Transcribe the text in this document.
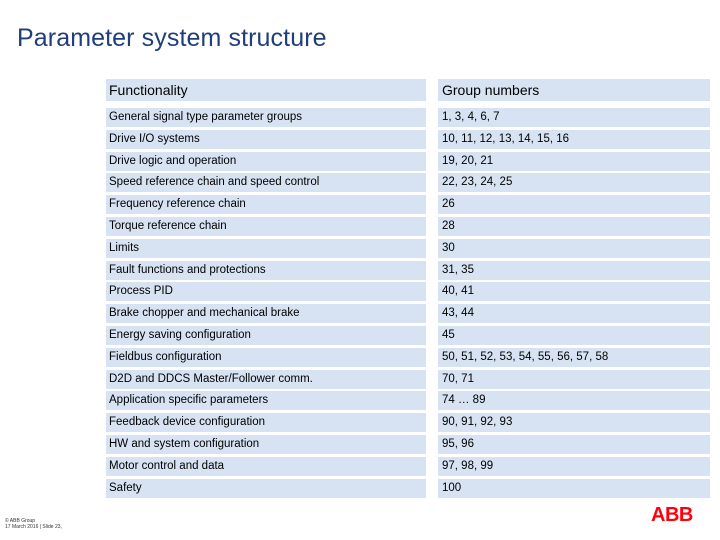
Parameter system structure
Functionality	Group numbers
General signal type parameter groups	1, 3, 4, 6, 7
Drive I/O systems	10, 11, 12, 13, 14, 15, 16
Drive logic and operation	19, 20, 21
Speed reference chain and speed control	22, 23, 24, 25
Frequency reference chain	26
Torque reference chain	28
Limits	30
Fault functions and protections	31, 35
Process PID	40, 41
Brake chopper and mechanical brake	43, 44
Energy saving configuration	45
Fieldbus configuration	50, 51, 52, 53, 54, 55, 56, 57, 58
D2D and DDCS Master/Follower comm.	70, 71
Application specific parameters	74 … 89
Feedback device configuration	90, 91, 92, 93
HW and system configuration	95, 96
Motor control and data	97, 98, 99
Safety	100
© ABB Group
17 March 2016 | Slide 23,
ABB
